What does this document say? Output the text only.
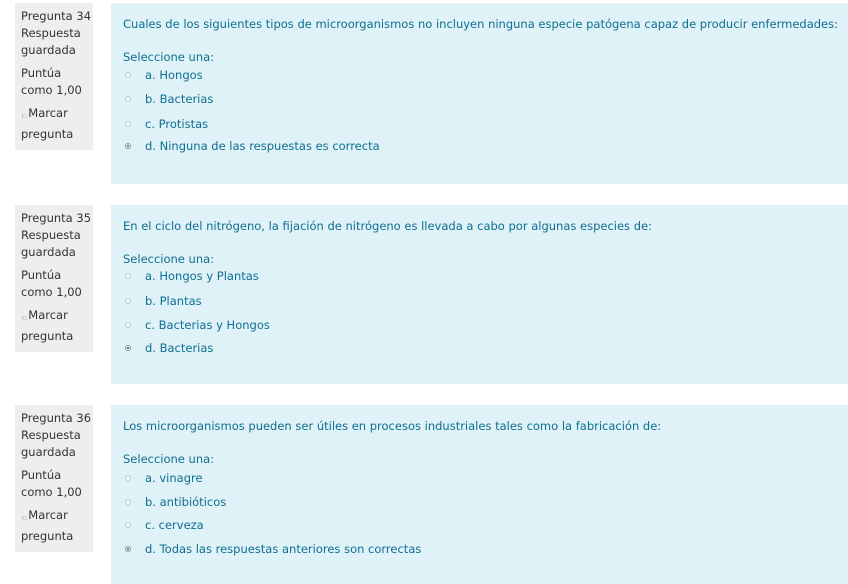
Pregunta 34
Respuesta
guardada
Puntúa
como 1,00
⚐Marcar
pregunta
Cuales de los siguientes tipos de microorganismos no incluyen ninguna especie patógena capaz de producir enfermedades:
Seleccione una:
a. Hongos
b. Bacterias
c. Protistas
d. Ninguna de las respuestas es correcta
Pregunta 35
Respuesta
guardada
Puntúa
como 1,00
⚐Marcar
pregunta
En el ciclo del nitrógeno, la fijación de nitrógeno es llevada a cabo por algunas especies de:
Seleccione una:
a. Hongos y Plantas
b. Plantas
c. Bacterias y Hongos
d. Bacterias
Pregunta 36
Respuesta
guardada
Puntúa
como 1,00
⚐Marcar
pregunta
Los microorganismos pueden ser útiles en procesos industriales tales como la fabricación de:
Seleccione una:
a. vinagre
b. antibióticos
c. cerveza
d. Todas las respuestas anteriores son correctas
